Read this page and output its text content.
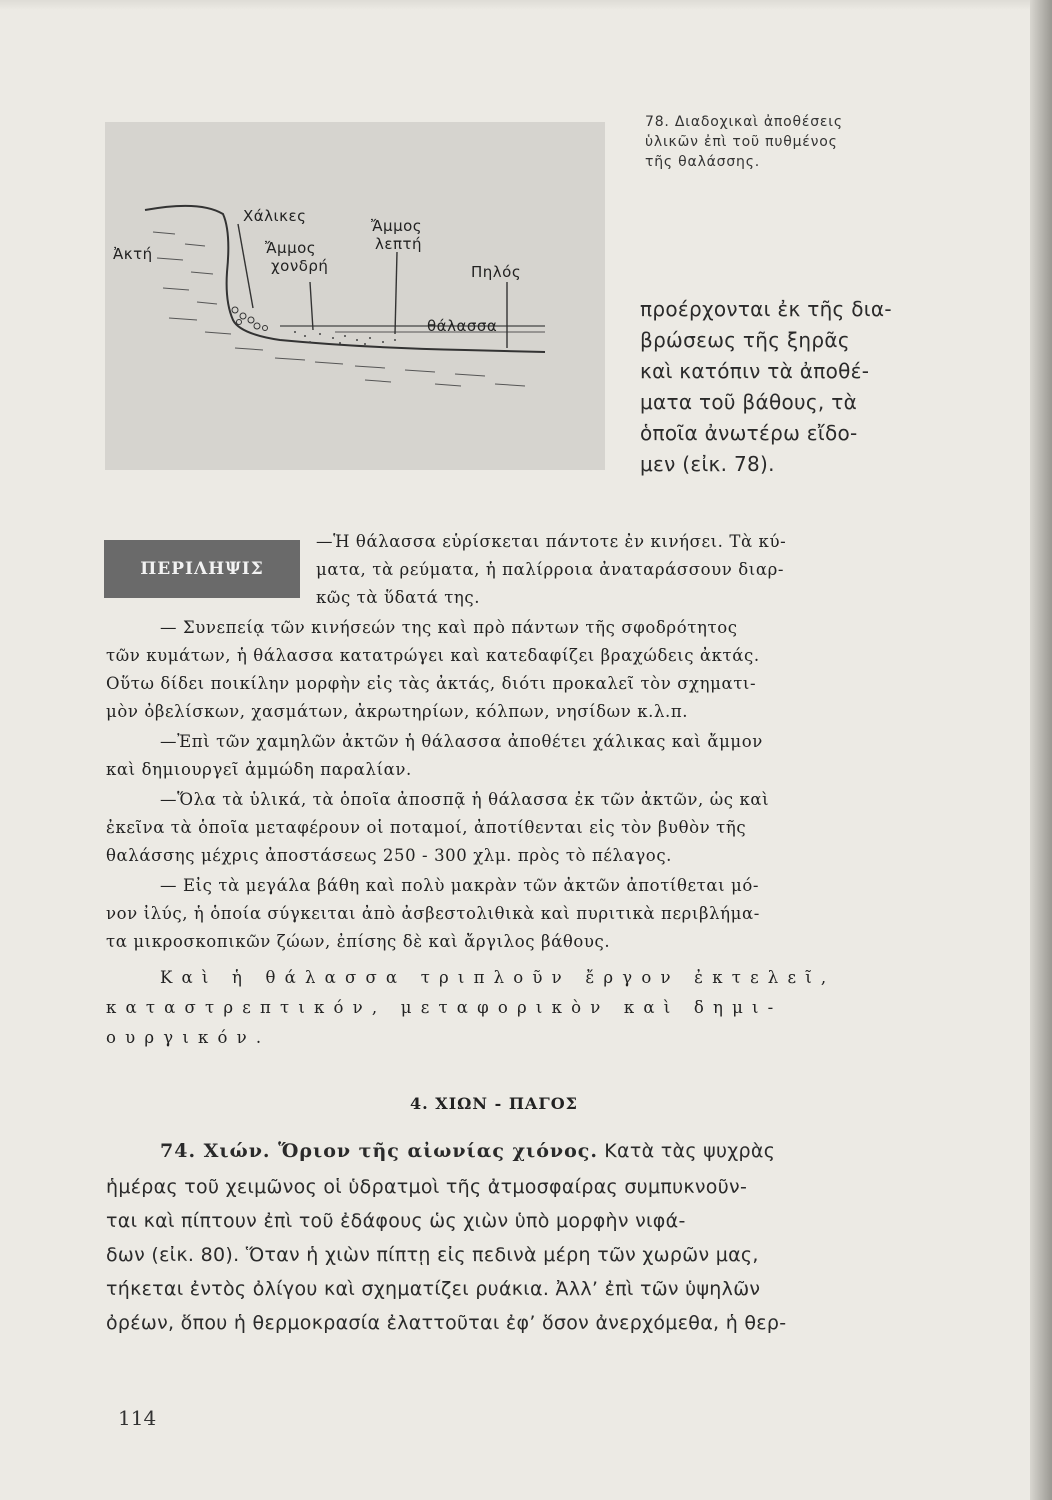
Ἀκτή
Χάλικες
Ἄμμος
χονδρή
Ἄμμος
λεπτή
Πηλός
θάλασσα
78. Διαδοχικαὶ ἀποθέσεις
ὑλικῶν ἐπὶ τοῦ πυθμένος
τῆς θαλάσσης.
προέρχονται ἐκ τῆς δια-
βρώσεως τῆς ξηρᾶς
καὶ κατόπιν τὰ ἀποθέ-
ματα τοῦ βάθους, τὰ
ὁποῖα ἀνωτέρω εἴδο-
μεν (εἰκ. 78).
ΠΕΡΙΛΗΨΙΣ
—Ἡ θάλασσα εὑρίσκεται πάντοτε ἐν κινήσει. Τὰ κύ-
ματα, τὰ ρεύματα, ἡ παλίρροια ἀναταράσσουν διαρ-
κῶς τὰ ὕδατά της.
— Συνεπείᾳ τῶν κινήσεών της καὶ πρὸ πάντων τῆς σφοδρότητος
τῶν κυμάτων, ἡ θάλασσα κατατρώγει καὶ κατεδαφίζει βραχώδεις ἀκτάς.
Οὕτω δίδει ποικίλην μορφὴν εἰς τὰς ἀκτάς, διότι προκαλεῖ τὸν σχηματι-
μὸν ὀβελίσκων, χασμάτων, ἀκρωτηρίων, κόλπων, νησίδων κ.λ.π.
—Ἐπὶ τῶν χαμηλῶν ἀκτῶν ἡ θάλασσα ἀποθέτει χάλικας καὶ ἄμμον
καὶ δημιουργεῖ ἀμμώδη παραλίαν.
—Ὅλα τὰ ὑλικά, τὰ ὁποῖα ἀποσπᾷ ἡ θάλασσα ἐκ τῶν ἀκτῶν, ὡς καὶ
ἐκεῖνα τὰ ὁποῖα μεταφέρουν οἱ ποταμοί, ἀποτίθενται εἰς τὸν βυθὸν τῆς
θαλάσσης μέχρις ἀποστάσεως 250 - 300 χλμ. πρὸς τὸ πέλαγος.
— Εἰς τὰ μεγάλα βάθη καὶ πολὺ μακρὰν τῶν ἀκτῶν ἀποτίθεται μό-
νον ἰλύς, ἡ ὁποία σύγκειται ἀπὸ ἀσβεστολιθικὰ καὶ πυριτικὰ περιβλήμα-
τα μικροσκοπικῶν ζώων, ἐπίσης δὲ καὶ ἄργιλος βάθους.
Καὶ ἡ θάλασσα τριπλοῦν ἔργον ἐκτελεῖ,
καταστρεπτικόν, μεταφορικὸν καὶ δημι-
ουργικόν.
4. ΧΙΩΝ - ΠΑΓΟΣ
74. Χιών. Ὅριον τῆς αἰωνίας χιόνος. Κατὰ τὰς ψυχρὰς
ἡμέρας τοῦ χειμῶνος οἱ ὑδρατμοὶ τῆς ἀτμοσφαίρας συμπυκνοῦν-
ται καὶ πίπτουν ἐπὶ τοῦ ἐδάφους ὡς χιὼν ὑπὸ μορφὴν νιφά-
δων (εἰκ. 80). Ὅταν ἡ χιὼν πίπτῃ εἰς πεδινὰ μέρη τῶν χωρῶν μας,
τήκεται ἐντὸς ὀλίγου καὶ σχηματίζει ρυάκια. Ἀλλ’ ἐπὶ τῶν ὑψηλῶν
ὀρέων, ὅπου ἡ θερμοκρασία ἐλαττοῦται ἐφ’ ὅσον ἀνερχόμεθα, ἡ θερ-
114
